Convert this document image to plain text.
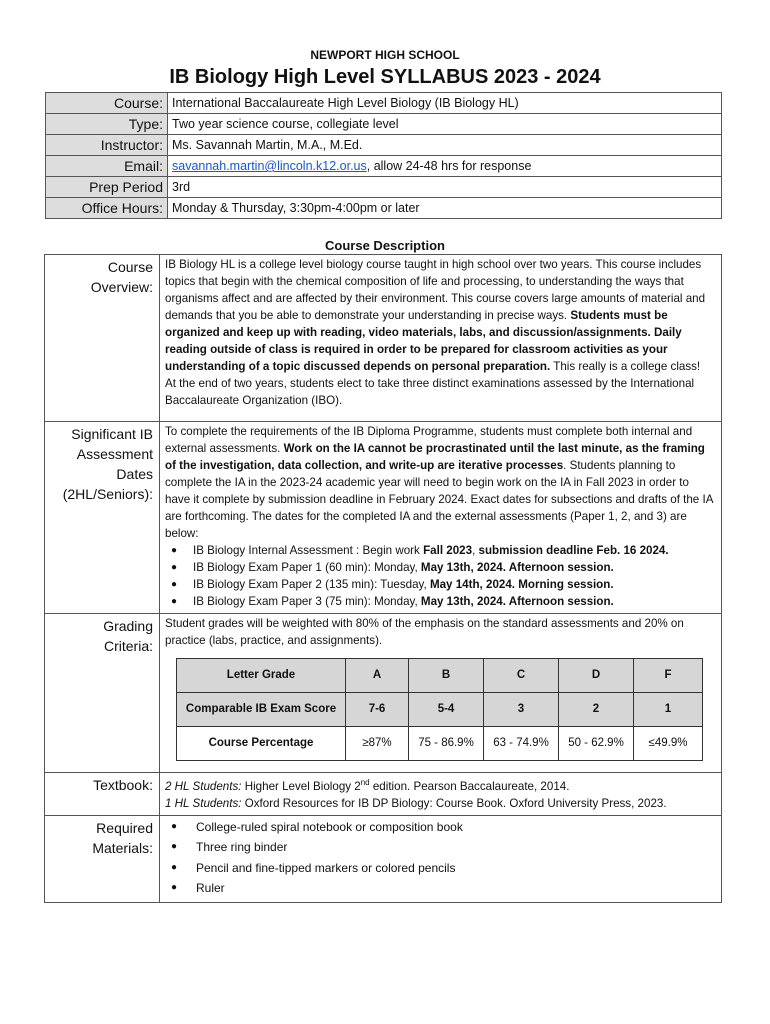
NEWPORT HIGH SCHOOL
IB Biology High Level SYLLABUS 2023 - 2024
Course:	International Baccalaureate High Level Biology (IB Biology HL)
Type:	Two year science course, collegiate level
Instructor:	Ms. Savannah Martin, M.A., M.Ed.
Email:	savannah.martin@lincoln.k12.or.us, allow 24-48 hrs for response
Prep Period	3rd
Office Hours:	Monday & Thursday, 3:30pm-4:00pm or later
Course Description
Course
Overview:

IB Biology HL is a college level biology course taught in high school over two years. This course includes topics that begin with the chemical composition of life and processing, to understanding the ways that organisms affect and are affected by their environment. This course covers large amounts of material and demands that you be able to demonstrate your understanding in precise ways. Students must be organized and keep up with reading, video materials, labs, and discussion/assignments. Daily reading outside of class is required in order to be prepared for classroom activities as your understanding of a topic discussed depends on personal preparation. This really is a college class!
At the end of two years, students elect to take three distinct examinations assessed by the International Baccalaureate Organization (IBO).

Significant IB
Assessment
Dates
(2HL/Seniors):

To complete the requirements of the IB Diploma Programme, students must complete both internal and external assessments. Work on the IA cannot be procrastinated until the last minute, as the framing of the investigation, data collection, and write-up are iterative processes. Students planning to complete the IA in the 2023-24 academic year will need to begin work on the IA in Fall 2023 in order to have it complete by submission deadline in February 2024. Exact dates for subsections and drafts of the IA are forthcoming. The dates for the completed IA and the external assessments (Paper 1, 2, and 3) are below:
● IB Biology Internal Assessment : Begin work Fall 2023, submission deadline Feb. 16 2024.
● IB Biology Exam Paper 1 (60 min): Monday, May 13th, 2024. Afternoon session.
● IB Biology Exam Paper 2 (135 min): Tuesday, May 14th, 2024. Morning session.
● IB Biology Exam Paper 3 (75 min): Monday, May 13th, 2024. Afternoon session.

Grading
Criteria:

Student grades will be weighted with 80% of the emphasis on the standard assessments and 20% on practice (labs, practice, and assignments).
Letter Grade	A	B	C	D	F
Comparable IB Exam Score	7-6	5-4	3	2	1
Course Percentage	≥87%	75 - 86.9%	63 - 74.9%	50 - 62.9%	≤49.9%

Textbook:	2 HL Students: Higher Level Biology 2nd edition. Pearson Baccalaureate, 2014.
1 HL Students: Oxford Resources for IB DP Biology: Course Book. Oxford University Press, 2023.

Required
Materials:

● College-ruled spiral notebook or composition book
● Three ring binder
● Pencil and fine-tipped markers or colored pencils
● Ruler
